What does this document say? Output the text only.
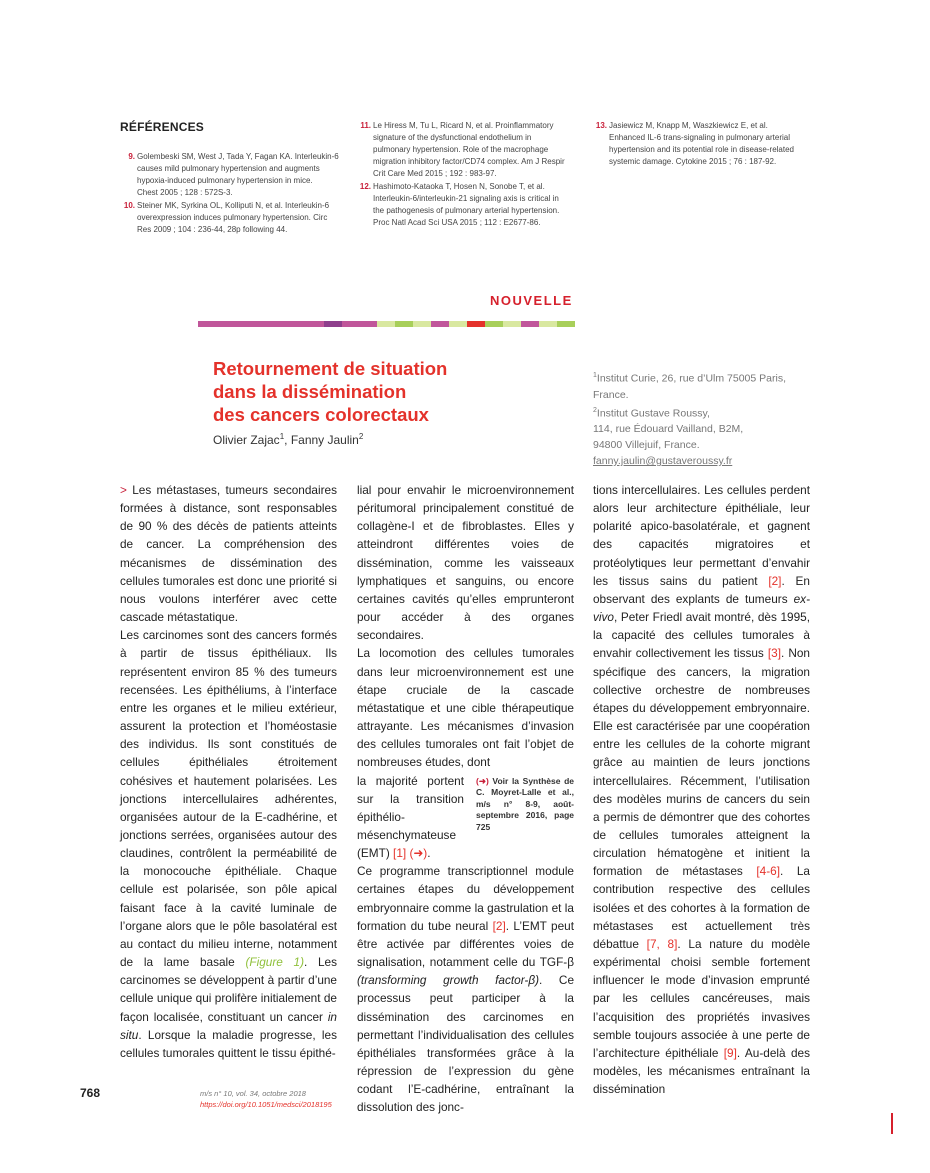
RÉFÉRENCES
9. Golembeski SM, West J, Tada Y, Fagan KA. Interleukin-6
causes mild pulmonary hypertension and augments
hypoxia-induced pulmonary hypertension in mice.
Chest 2005 ; 128 : 572S-3.
10. Steiner MK, Syrkina OL, Kolliputi N, et al. Interleukin-6
overexpression induces pulmonary hypertension. Circ
Res 2009 ; 104 : 236-44, 28p following 44.
11. Le Hiress M, Tu L, Ricard N, et al. Proinflammatory
signature of the dysfunctional endothelium in
pulmonary hypertension. Role of the macrophage
migration inhibitory factor/CD74 complex. Am J Respir
Crit Care Med 2015 ; 192 : 983-97.
12. Hashimoto-Kataoka T, Hosen N, Sonobe T, et al.
Interleukin-6/interleukin-21 signaling axis is critical in
the pathogenesis of pulmonary arterial hypertension.
Proc Natl Acad Sci USA 2015 ; 112 : E2677-86.
13. Jasiewicz M, Knapp M, Waszkiewicz E, et al.
Enhanced IL-6 trans-signaling in pulmonary arterial
hypertension and its potential role in disease-related
systemic damage. Cytokine 2015 ; 76 : 187-92.
NOUVELLE
Retournement de situation
dans la dissémination
des cancers colorectaux
Olivier Zajac$^1$, Fanny Jaulin$^2$
$^1$Institut Curie, 26, rue d’Ulm 75005 Paris,
France.
$^2$Institut Gustave Roussy,
114, rue Édouard Vailland, B2M,
94800 Villejuif, France.
fanny.jaulin@gustaveroussy.fr

> Les métastases, tumeurs secondaires formées à distance, sont responsables de 90 % des décès de patients atteints de cancer. La compréhension des mécanismes de dissémination des cellules tumorales est donc une priorité si nous voulons interférer avec cette cascade métastatique.

Les carcinomes sont des cancers formés à partir de tissus épithéliaux. Ils représentent environ 85 % des tumeurs recensées. Les épithéliums, à l’interface entre les organes et le milieu extérieur, assurent la protection et l’homéostasie des individus. Ils sont constitués de cellules épithéliales étroitement cohésives et hautement polarisées. Les jonctions intercellulaires adhérentes, organisées autour de la E-cadhérine, et jonctions serrées, organisées autour des claudines, contrôlent la perméabilité de la monocouche épithéliale. Chaque cellule est polarisée, son pôle apical faisant face à la cavité luminale de l’organe alors que le pôle basolatéral est au contact du milieu interne, notamment de la lame basale (Figure 1). Les carcinomes se développent à partir d’une cellule unique qui prolifère initialement de façon localisée, constituant un cancer in situ. Lorsque la maladie progresse, les cellules tumorales quittent le tissu épithé-

lial pour envahir le microenvironnement péritumoral principalement constitué de collagène-I et de fibroblastes. Elles y atteindront différentes voies de dissémination, comme les vaisseaux lymphatiques et sanguins, ou encore certaines cavités qu’elles emprunteront pour accéder à des organes secondaires.

La locomotion des cellules tumorales dans leur microenvironnement est une étape cruciale de la cascade métastatique et une cible thérapeutique attrayante. Les mécanismes d’invasion des cellules tumorales ont fait l’objet de nombreuses études, dont

la majorité portent sur la transition épithélio-mésenchymateuse (EMT) [1] (➜).

(➜) Voir la Synthèse de C. Moyret-Lalle et al., m/s n° 8-9, août-septembre 2016, page 725

Ce programme transcriptionnel module certaines étapes du développement embryonnaire comme la gastrulation et la formation du tube neural [2]. L’EMT peut être activée par différentes voies de signalisation, notamment celle du TGF-β (transforming growth factor-β). Ce processus peut participer à la dissémination des carcinomes en permettant l’individualisation des cellules épithéliales transformées grâce à la répression de l’expression du gène codant l’E-cadhérine, entraînant la dissolution des jonc-

tions intercellulaires. Les cellules perdent alors leur architecture épithéliale, leur polarité apico-basolatérale, et gagnent des capacités migratoires et protéolytiques leur permettant d’envahir les tissus sains du patient [2]. En observant des explants de tumeurs ex-vivo, Peter Friedl avait montré, dès 1995, la capacité des cellules tumorales à envahir collectivement les tissus [3]. Non spécifique des cancers, la migration collective orchestre de nombreuses étapes du développement embryonnaire. Elle est caractérisée par une coopération entre les cellules de la cohorte migrant grâce au maintien de leurs jonctions intercellulaires. Récemment, l’utilisation des modèles murins de cancers du sein a permis de démontrer que des cohortes de cellules tumorales atteignent la circulation hématogène et initient la formation de métastases [4-6]. La contribution respective des cellules isolées et des cohortes à la formation de métastases est actuellement très débattue [7, 8]. La nature du modèle expérimental choisi semble fortement influencer le mode d’invasion emprunté par les cellules cancéreuses, mais l’acquisition des propriétés invasives semble toujours associée à une perte de l’architecture épithéliale [9]. Au-delà des modèles, les mécanismes entraînant la dissémination

768	m/s n° 10, vol. 34, octobre 2018
https://doi.org/10.1051/medsci/2018195
